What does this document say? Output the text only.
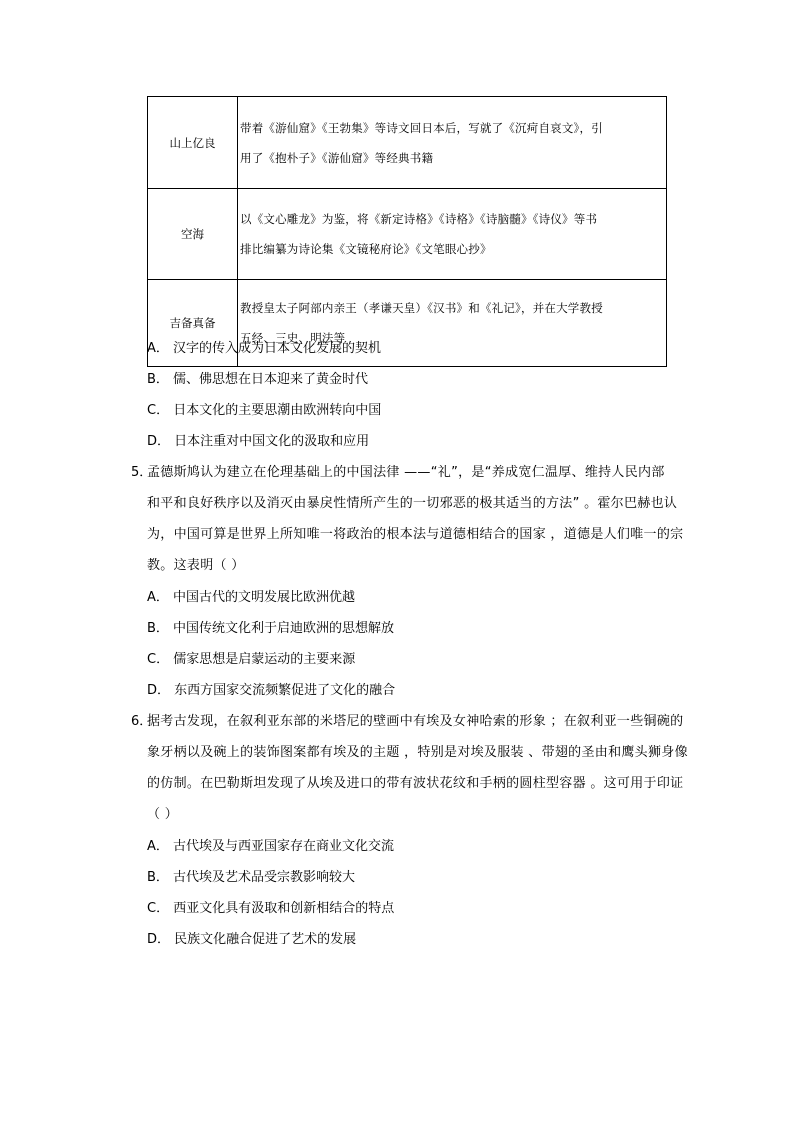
山上亿良	带着《游仙窟》《王勃集》等诗文回日本后，写就了《沉疴自哀文》，引
用了《抱朴子》《游仙窟》等经典书籍

空海	以《文心雕龙》为鉴，将《新定诗格》《诗格》《诗脑髓》《诗仪》等书
排比编纂为诗论集《文镜秘府论》《文笔眼心抄》

吉备真备	教授皇太子阿部内亲王（孝谦天皇）《汉书》和《礼记》，并在大学教授
五经、三史、明法等
A． 汉字的传入成为日本文化发展的契机
B． 儒、佛思想在日本迎来了黄金时代
C． 日本文化的主要思潮由欧洲转向中国
D． 日本注重对中国文化的汲取和应用
5．
孟德斯鸠认为建立在伦理基础上的中国法律 ——“礼”，是“养成宽仁温厚、维持人民内部
和平和良好秩序以及消灭由暴戾性情所产生的一切邪恶的极其适当的方法” 。霍尔巴赫也认
为，中国可算是世界上所知唯一将政治的根本法与道德相结合的国家 ，道德是人们唯一的宗
教。这表明（ ）
A． 中国古代的文明发展比欧洲优越
B． 中国传统文化利于启迪欧洲的思想解放
C． 儒家思想是启蒙运动的主要来源
D． 东西方国家交流频繁促进了文化的融合
6．
据考古发现，在叙利亚东部的米塔尼的壁画中有埃及女神哈索的形象 ；在叙利亚一些铜碗的
象牙柄以及碗上的装饰图案都有埃及的主题 ，特别是对埃及服装 、带翅的圣由和鹰头狮身像
的仿制。在巴勒斯坦发现了从埃及进口的带有波状花纹和手柄的圆柱型容器 。这可用于印证
（ ）
A． 古代埃及与西亚国家存在商业文化交流
B． 古代埃及艺术品受宗教影响较大
C． 西亚文化具有汲取和创新相结合的特点
D． 民族文化融合促进了艺术的发展
